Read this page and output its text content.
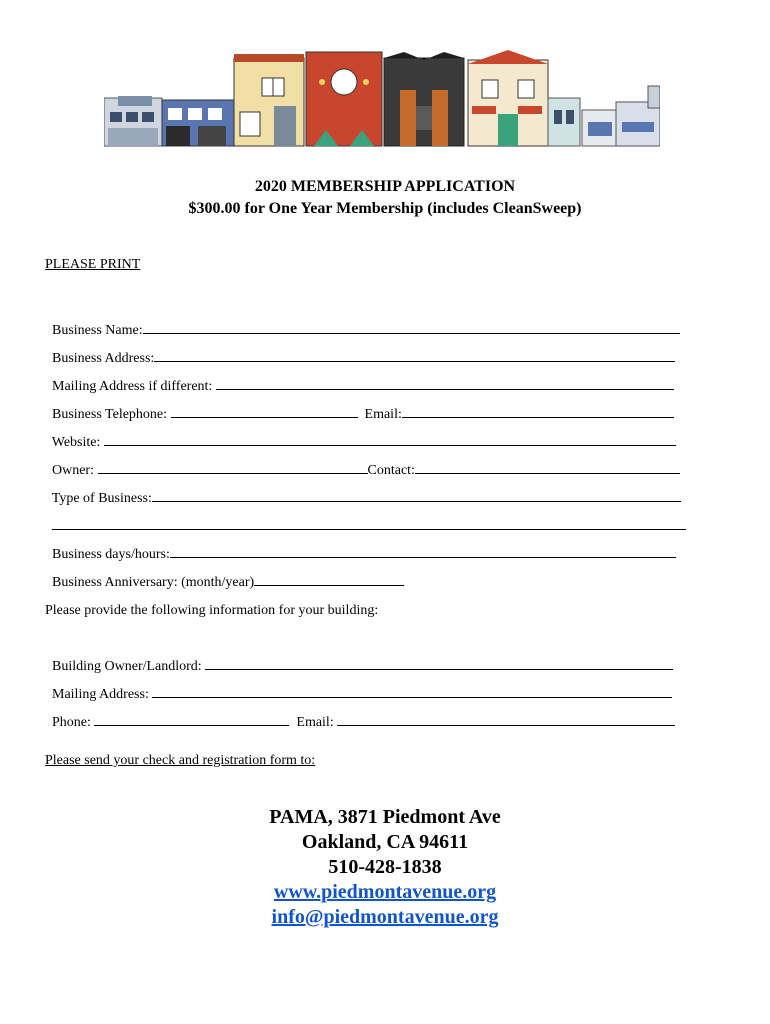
2020 MEMBERSHIP APPLICATION
$300.00 for One Year Membership (includes CleanSweep)
PLEASE PRINT

Business Name:

Business Address:

Mailing Address if different:

Business Telephone:	Email:

Website:

Owner:	Contact:

Type of Business:

Business days/hours:

Business Anniversary: (month/year)

Please provide the following information for your building:

Building Owner/Landlord:

Mailing Address:

Phone:	Email:

Please send your check and registration form to:
PAMA, 3871 Piedmont Ave
Oakland, CA 94611
510-428-1838
www.piedmontavenue.org
info@piedmontavenue.org
